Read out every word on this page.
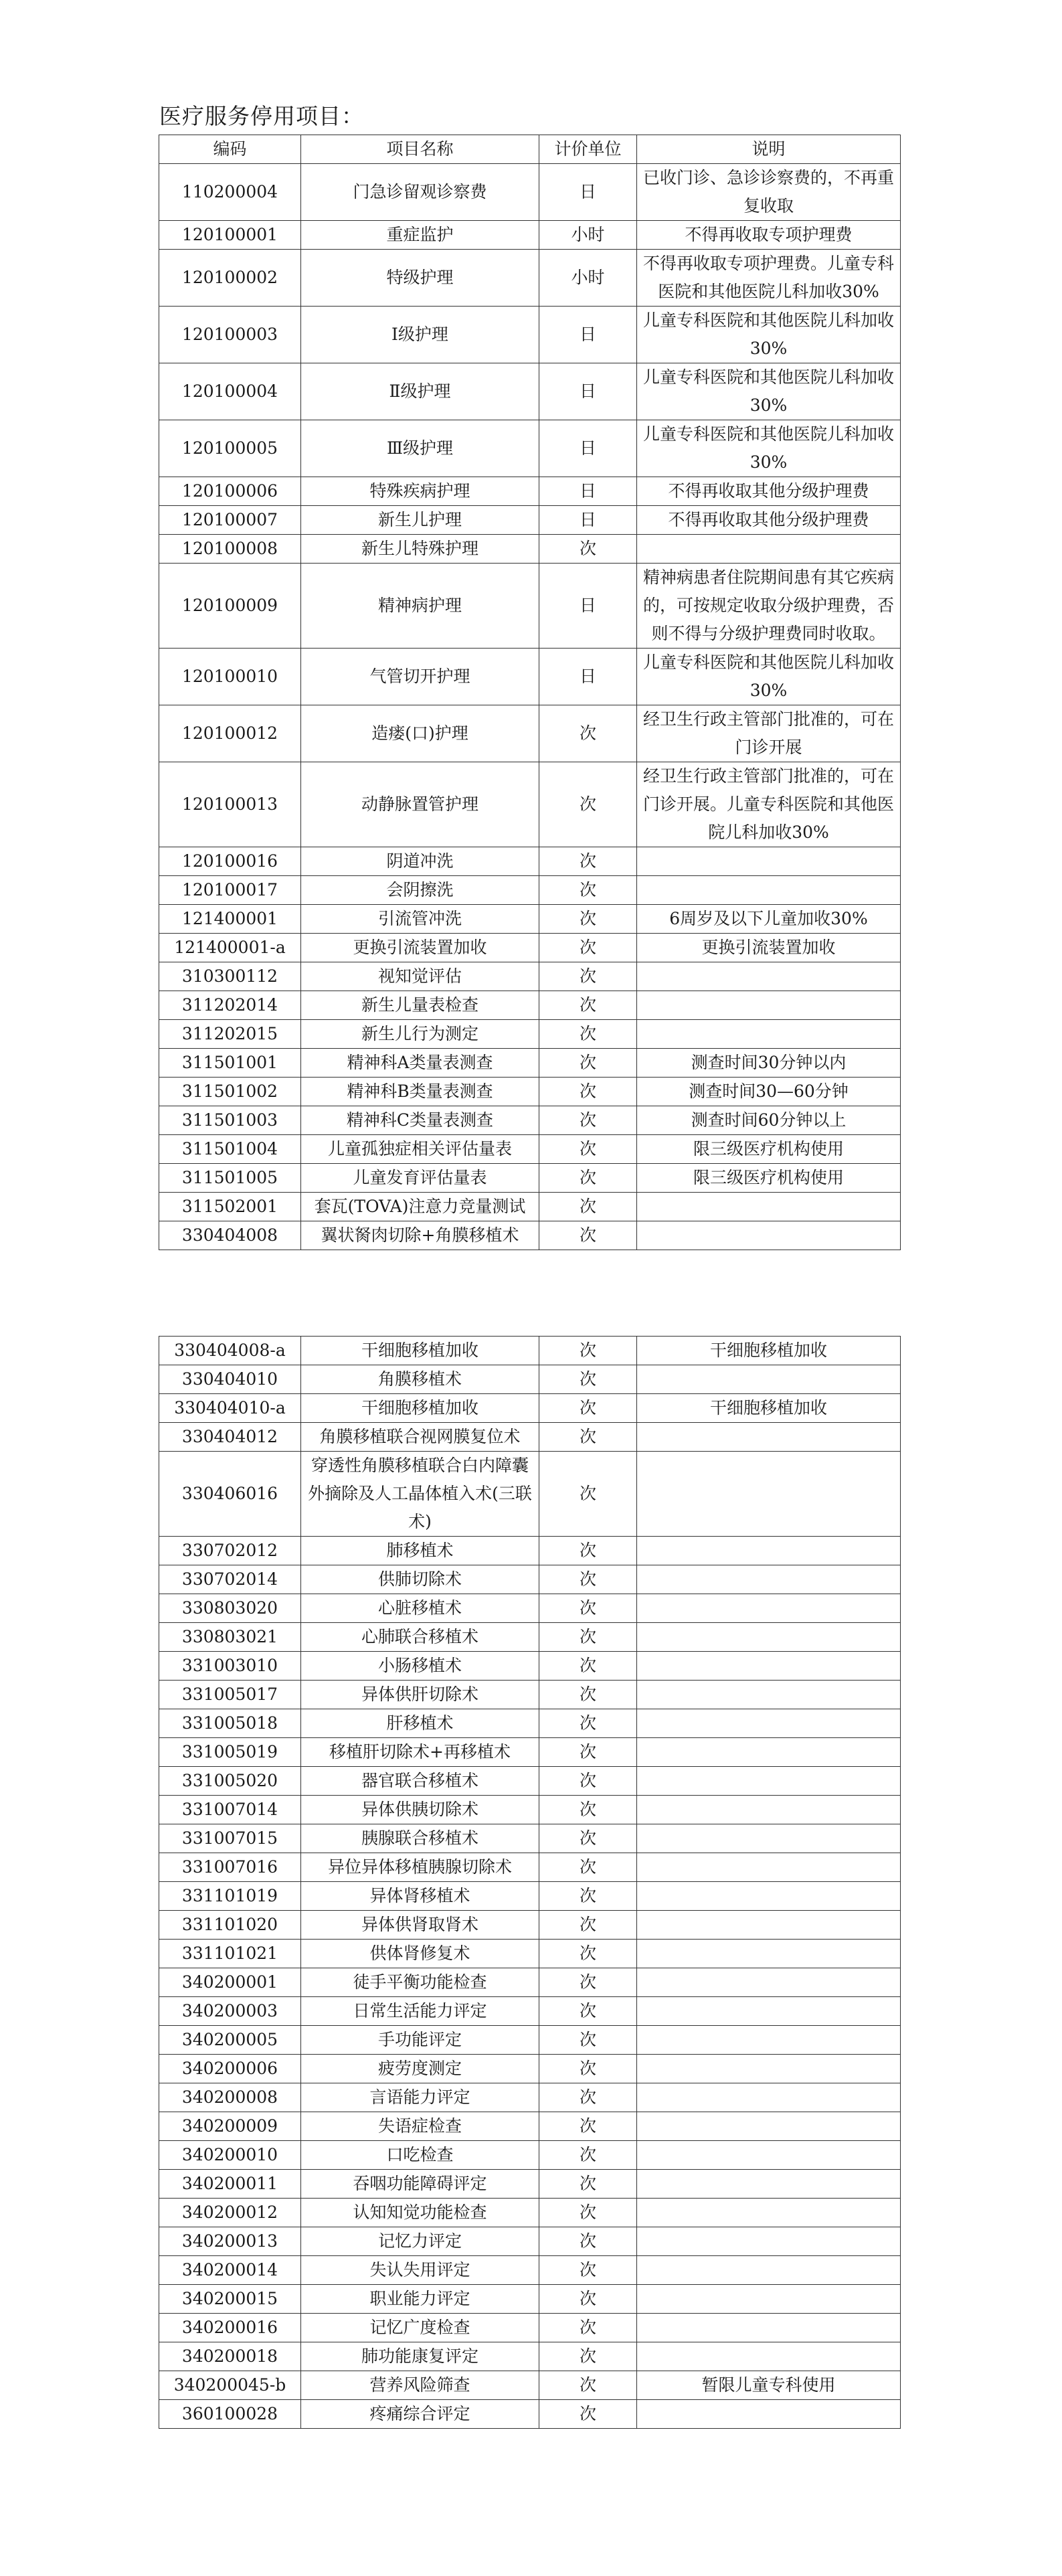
医疗服务停用项目：
编码	项目名称	计价单位	说明
110200004	门急诊留观诊察费	日	已收门诊、急诊诊察费的，不再重复收取
120100001	重症监护	小时	不得再收取专项护理费
120100002	特级护理	小时	不得再收取专项护理费。儿童专科医院和其他医院儿科加收30%
120100003	Ⅰ级护理	日	儿童专科医院和其他医院儿科加收30%
120100004	Ⅱ级护理	日	儿童专科医院和其他医院儿科加收30%
120100005	Ⅲ级护理	日	儿童专科医院和其他医院儿科加收30%
120100006	特殊疾病护理	日	不得再收取其他分级护理费
120100007	新生儿护理	日	不得再收取其他分级护理费
120100008	新生儿特殊护理	次	
120100009	精神病护理	日	精神病患者住院期间患有其它疾病的，可按规定收取分级护理费，否则不得与分级护理费同时收取。
120100010	气管切开护理	日	儿童专科医院和其他医院儿科加收30%
120100012	造瘘(口)护理	次	经卫生行政主管部门批准的，可在门诊开展
120100013	动静脉置管护理	次	经卫生行政主管部门批准的，可在门诊开展。儿童专科医院和其他医院儿科加收30%
120100016	阴道冲洗	次	
120100017	会阴擦洗	次	
121400001	引流管冲洗	次	6周岁及以下儿童加收30%
121400001-a	更换引流装置加收	次	更换引流装置加收
310300112	视知觉评估	次	
311202014	新生儿量表检查	次	
311202015	新生儿行为测定	次	
311501001	精神科A类量表测查	次	测查时间30分钟以内
311501002	精神科B类量表测查	次	测查时间30—60分钟
311501003	精神科C类量表测查	次	测查时间60分钟以上
311501004	儿童孤独症相关评估量表	次	限三级医疗机构使用
311501005	儿童发育评估量表	次	限三级医疗机构使用
311502001	套瓦(TOVA)注意力竞量测试	次	
330404008	翼状胬肉切除+角膜移植术	次	
330404008-a	干细胞移植加收	次	干细胞移植加收
330404010	角膜移植术	次	
330404010-a	干细胞移植加收	次	干细胞移植加收
330404012	角膜移植联合视网膜复位术	次	
330406016	穿透性角膜移植联合白内障囊外摘除及人工晶体植入术(三联术)	次	
330702012	肺移植术	次	
330702014	供肺切除术	次	
330803020	心脏移植术	次	
330803021	心肺联合移植术	次	
331003010	小肠移植术	次	
331005017	异体供肝切除术	次	
331005018	肝移植术	次	
331005019	移植肝切除术+再移植术	次	
331005020	器官联合移植术	次	
331007014	异体供胰切除术	次	
331007015	胰腺联合移植术	次	
331007016	异位异体移植胰腺切除术	次	
331101019	异体肾移植术	次	
331101020	异体供肾取肾术	次	
331101021	供体肾修复术	次	
340200001	徒手平衡功能检查	次	
340200003	日常生活能力评定	次	
340200005	手功能评定	次	
340200006	疲劳度测定	次	
340200008	言语能力评定	次	
340200009	失语症检查	次	
340200010	口吃检查	次	
340200011	吞咽功能障碍评定	次	
340200012	认知知觉功能检查	次	
340200013	记忆力评定	次	
340200014	失认失用评定	次	
340200015	职业能力评定	次	
340200016	记忆广度检查	次	
340200018	肺功能康复评定	次	
340200045-b	营养风险筛查	次	暂限儿童专科使用
360100028	疼痛综合评定	次	
